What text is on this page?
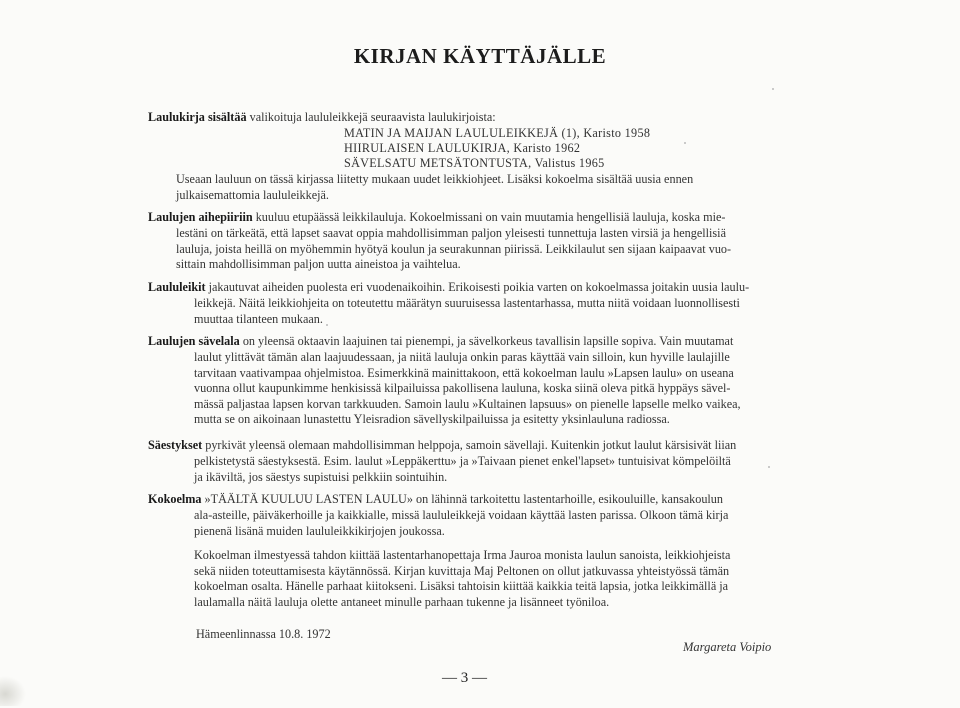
KIRJAN KÄYTTÄJÄLLE
Laulukirja sisältää valikoituja laululeikkejä seuraavista laulukirjoista:
MATIN JA MAIJAN LAULULEIKKEJÄ (1), Karisto 1958
HIIRULAISEN LAULUKIRJA, Karisto 1962
SÄVELSATU METSÄTONTUSTA, Valistus 1965
Useaan lauluun on tässä kirjassa liitetty mukaan uudet leikkiohjeet. Lisäksi kokoelma sisältää uusia ennen
julkaisemattomia laululeikkejä.
Laulujen aihepiiriin kuuluu etupäässä leikkilauluja. Kokoelmissani on vain muutamia hengellisiä lauluja, koska mie-
lestäni on tärkeätä, että lapset saavat oppia mahdollisimman paljon yleisesti tunnettuja lasten virsiä ja hengellisiä
lauluja, joista heillä on myöhemmin hyötyä koulun ja seurakunnan piirissä. Leikkilaulut sen sijaan kaipaavat vuo-
sittain mahdollisimman paljon uutta aineistoa ja vaihtelua.
Laululeikit jakautuvat aiheiden puolesta eri vuodenaikoihin. Erikoisesti poikia varten on kokoelmassa joitakin uusia laulu-
leikkejä. Näitä leikkiohjeita on toteutettu määrätyn suuruisessa lastentarhassa, mutta niitä voidaan luonnollisesti
muuttaa tilanteen mukaan.
Laulujen sävelala on yleensä oktaavin laajuinen tai pienempi, ja sävelkorkeus tavallisin lapsille sopiva. Vain muutamat
laulut ylittävät tämän alan laajuudessaan, ja niitä lauluja onkin paras käyttää vain silloin, kun hyville laulajille
tarvitaan vaativampaa ohjelmistoa. Esimerkkinä mainittakoon, että kokoelman laulu »Lapsen laulu» on useana
vuonna ollut kaupunkimme henkisissä kilpailuissa pakollisena lauluna, koska siinä oleva pitkä hyppäys sävel-
mässä paljastaa lapsen korvan tarkkuuden. Samoin laulu »Kultainen lapsuus» on pienelle lapselle melko vaikea,
mutta se on aikoinaan lunastettu Yleisradion sävellyskilpailuissa ja esitetty yksinlauluna radiossa.
Säestykset pyrkivät yleensä olemaan mahdollisimman helppoja, samoin sävellaji. Kuitenkin jotkut laulut kärsisivät liian
pelkistetystä säestyksestä. Esim. laulut »Leppäkerttu» ja »Taivaan pienet enkel'lapset» tuntuisivat kömpelöiltä
ja ikäviltä, jos säestys supistuisi pelkkiin sointuihin.
Kokoelma »TÄÄLTÄ KUULUU LASTEN LAULU» on lähinnä tarkoitettu lastentarhoille, esikouluille, kansakoulun
ala-asteille, päiväkerhoille ja kaikkialle, missä laululeikkejä voidaan käyttää lasten parissa. Olkoon tämä kirja
pienenä lisänä muiden laululeikkikirjojen joukossa.
Kokoelman ilmestyessä tahdon kiittää lastentarhanopettaja Irma Jauroa monista laulun sanoista, leikkiohjeista
sekä niiden toteuttamisesta käytännössä. Kirjan kuvittaja Maj Peltonen on ollut jatkuvassa yhteistyössä tämän
kokoelman osalta. Hänelle parhaat kiitokseni. Lisäksi tahtoisin kiittää kaikkia teitä lapsia, jotka leikkimällä ja
laulamalla näitä lauluja olette antaneet minulle parhaan tukenne ja lisänneet työniloa.
Hämeenlinnassa 10.8. 1972
Margareta Voipio
— 3 —
